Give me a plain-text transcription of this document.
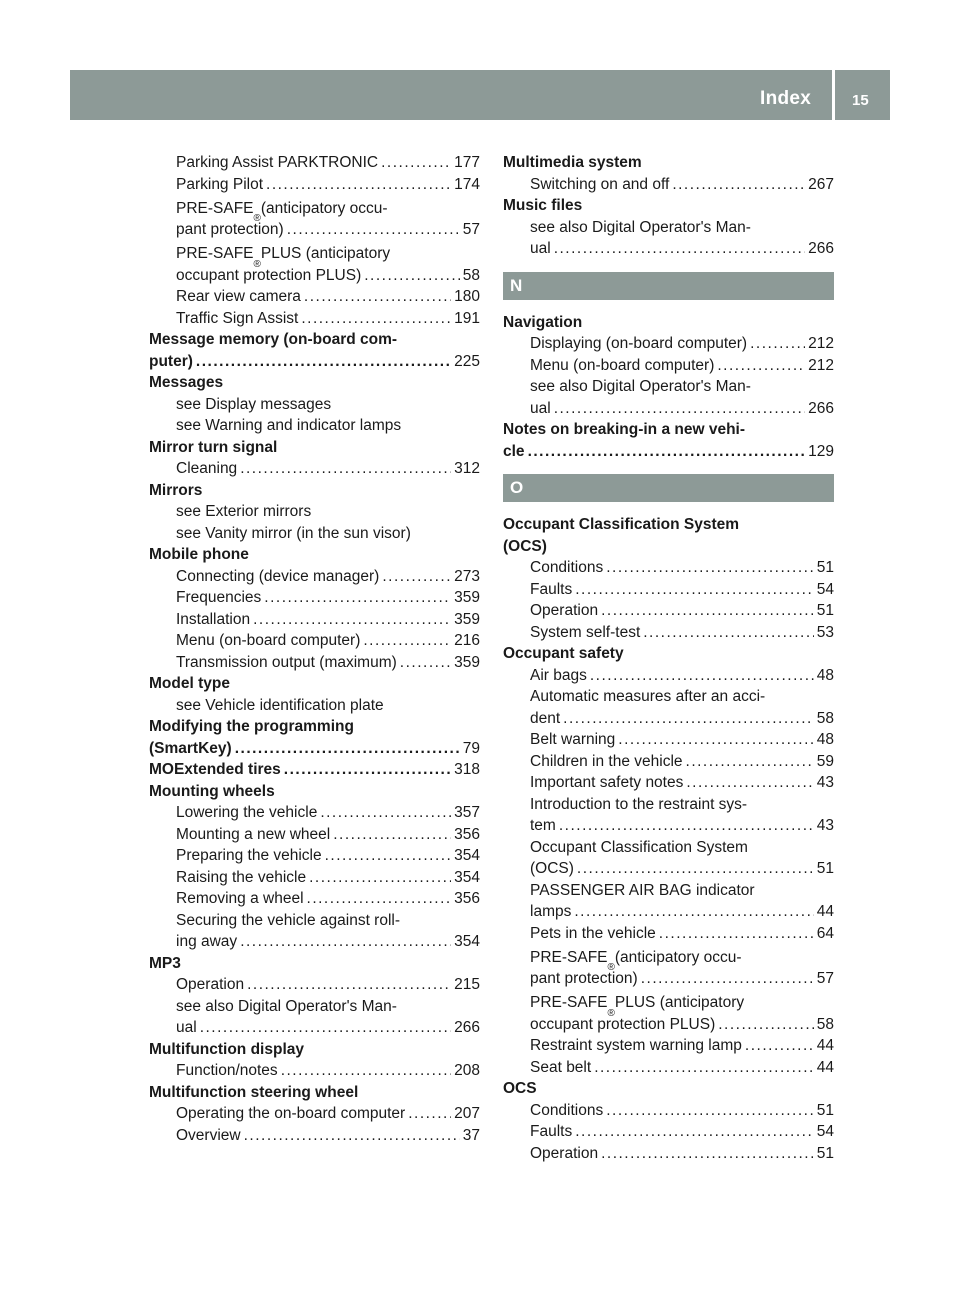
Index	15
Parking Assist PARKTRONIC .....	177
Parking Pilot .....	174
PRE-SAFE
®
(anticipatory occu-
pant protection) .....	57
PRE-SAFE
®
PLUS (anticipatory
occupant protection PLUS) .....	58
Rear view camera .....	180
Traffic Sign Assist .....	191
Message memory (on-board com-
puter) .....	225
Messages
see Display messages
see Warning and indicator lamps
Mirror turn signal
Cleaning .....	312
Mirrors
see Exterior mirrors
see Vanity mirror (in the sun visor)
Mobile phone
Connecting (device manager) .....	273
Frequencies .....	359
Installation .....	359
Menu (on-board computer) .....	216
Transmission output (maximum) .....	359
Model type
see Vehicle identification plate
Modifying the programming
(SmartKey) .....	79
MOExtended tires .....	318
Mounting wheels
Lowering the vehicle .....	357
Mounting a new wheel .....	356
Preparing the vehicle .....	354
Raising the vehicle .....	354
Removing a wheel .....	356
Securing the vehicle against roll-
ing away .....	354
MP3
Operation .....	215
see also Digital Operator's Man-
ual .....	266
Multifunction display
Function/notes .....	208
Multifunction steering wheel
Operating the on-board computer .....	207
Overview .....	37
Multimedia system
Switching on and off .....	267
Music files
see also Digital Operator's Man-
ual .....	266
N
Navigation
Displaying (on-board computer) .....	212
Menu (on-board computer) .....	212
see also Digital Operator's Man-
ual .....	266
Notes on breaking-in a new vehi-
cle .....	129
O
Occupant Classification System
(OCS)
Conditions .....	51
Faults .....	54
Operation .....	51
System self-test .....	53
Occupant safety
Air bags .....	48
Automatic measures after an acci-
dent .....	58
Belt warning .....	48
Children in the vehicle .....	59
Important safety notes .....	43
Introduction to the restraint sys-
tem .....	43
Occupant Classification System
(OCS) .....	51
PASSENGER AIR BAG indicator
lamps .....	44
Pets in the vehicle .....	64
PRE-SAFE
®
(anticipatory occu-
pant protection) .....	57
PRE-SAFE
®
PLUS (anticipatory
occupant protection PLUS) .....	58
Restraint system warning lamp .....	44
Seat belt .....	44
OCS
Conditions .....	51
Faults .....	54
Operation .....	51
